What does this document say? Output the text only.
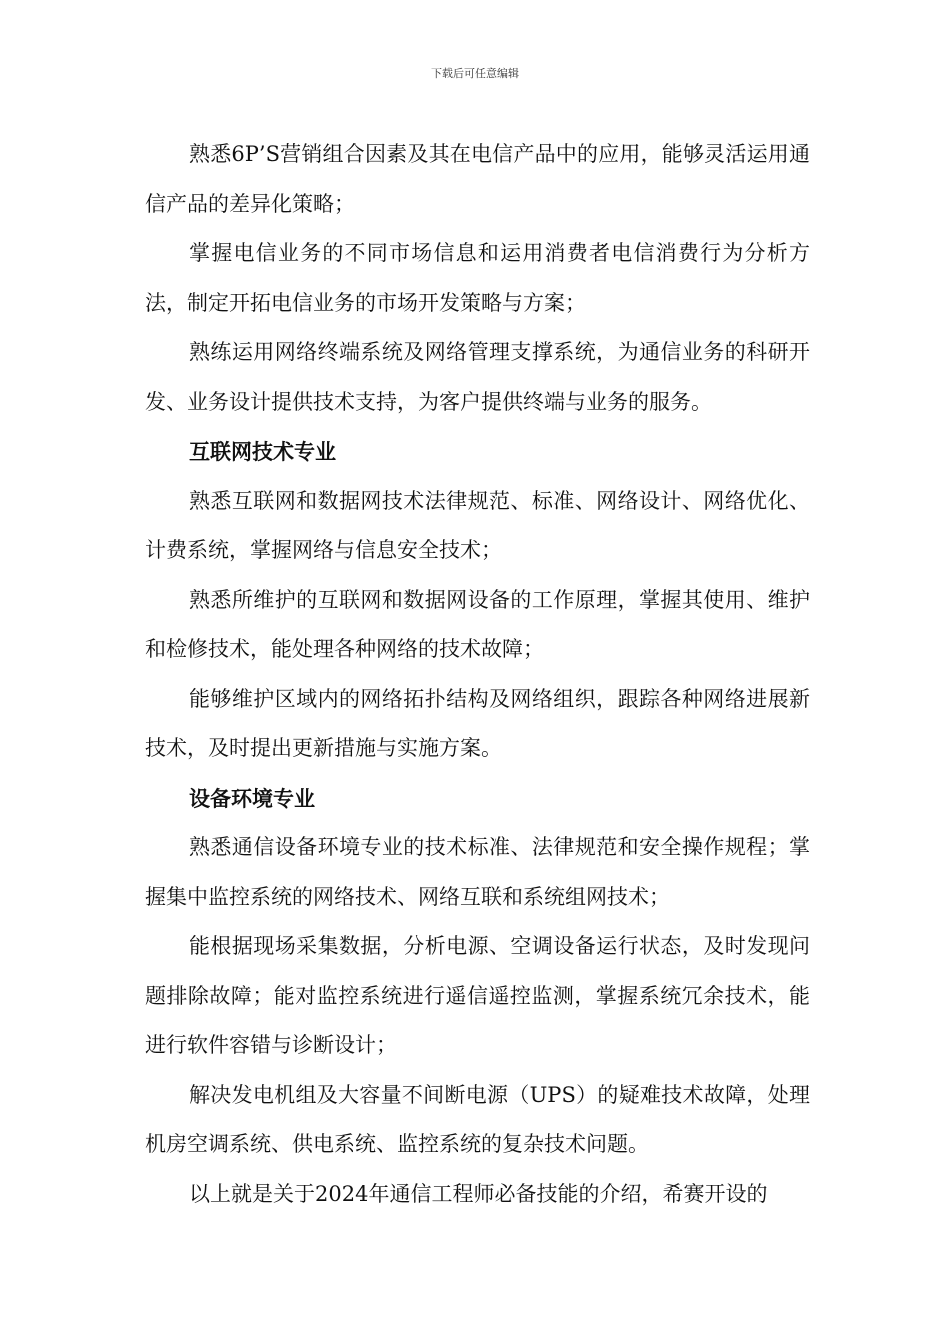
下载后可任意编辑

熟悉6P’S营销组合因素及其在电信产品中的应用，能够灵活运用通信产品的差异化策略；

掌握电信业务的不同市场信息和运用消费者电信消费行为分析方法，制定开拓电信业务的市场开发策略与方案；

熟练运用网络终端系统及网络管理支撑系统，为通信业务的科研开发、业务设计提供技术支持，为客户提供终端与业务的服务。

互联网技术专业

熟悉互联网和数据网技术法律规范、标准、网络设计、网络优化、计费系统，掌握网络与信息安全技术；

熟悉所维护的互联网和数据网设备的工作原理，掌握其使用、维护和检修技术，能处理各种网络的技术故障；

能够维护区域内的网络拓扑结构及网络组织，跟踪各种网络进展新技术，及时提出更新措施与实施方案。

设备环境专业

熟悉通信设备环境专业的技术标准、法律规范和安全操作规程；掌握集中监控系统的网络技术、网络互联和系统组网技术；

能根据现场采集数据，分析电源、空调设备运行状态，及时发现问题排除故障；能对监控系统进行遥信遥控监测，掌握系统冗余技术，能进行软件容错与诊断设计；

解决发电机组及大容量不间断电源（UPS）的疑难技术故障，处理机房空调系统、供电系统、监控系统的复杂技术问题。

以上就是关于2024年通信工程师必备技能的介绍，希赛开设的
